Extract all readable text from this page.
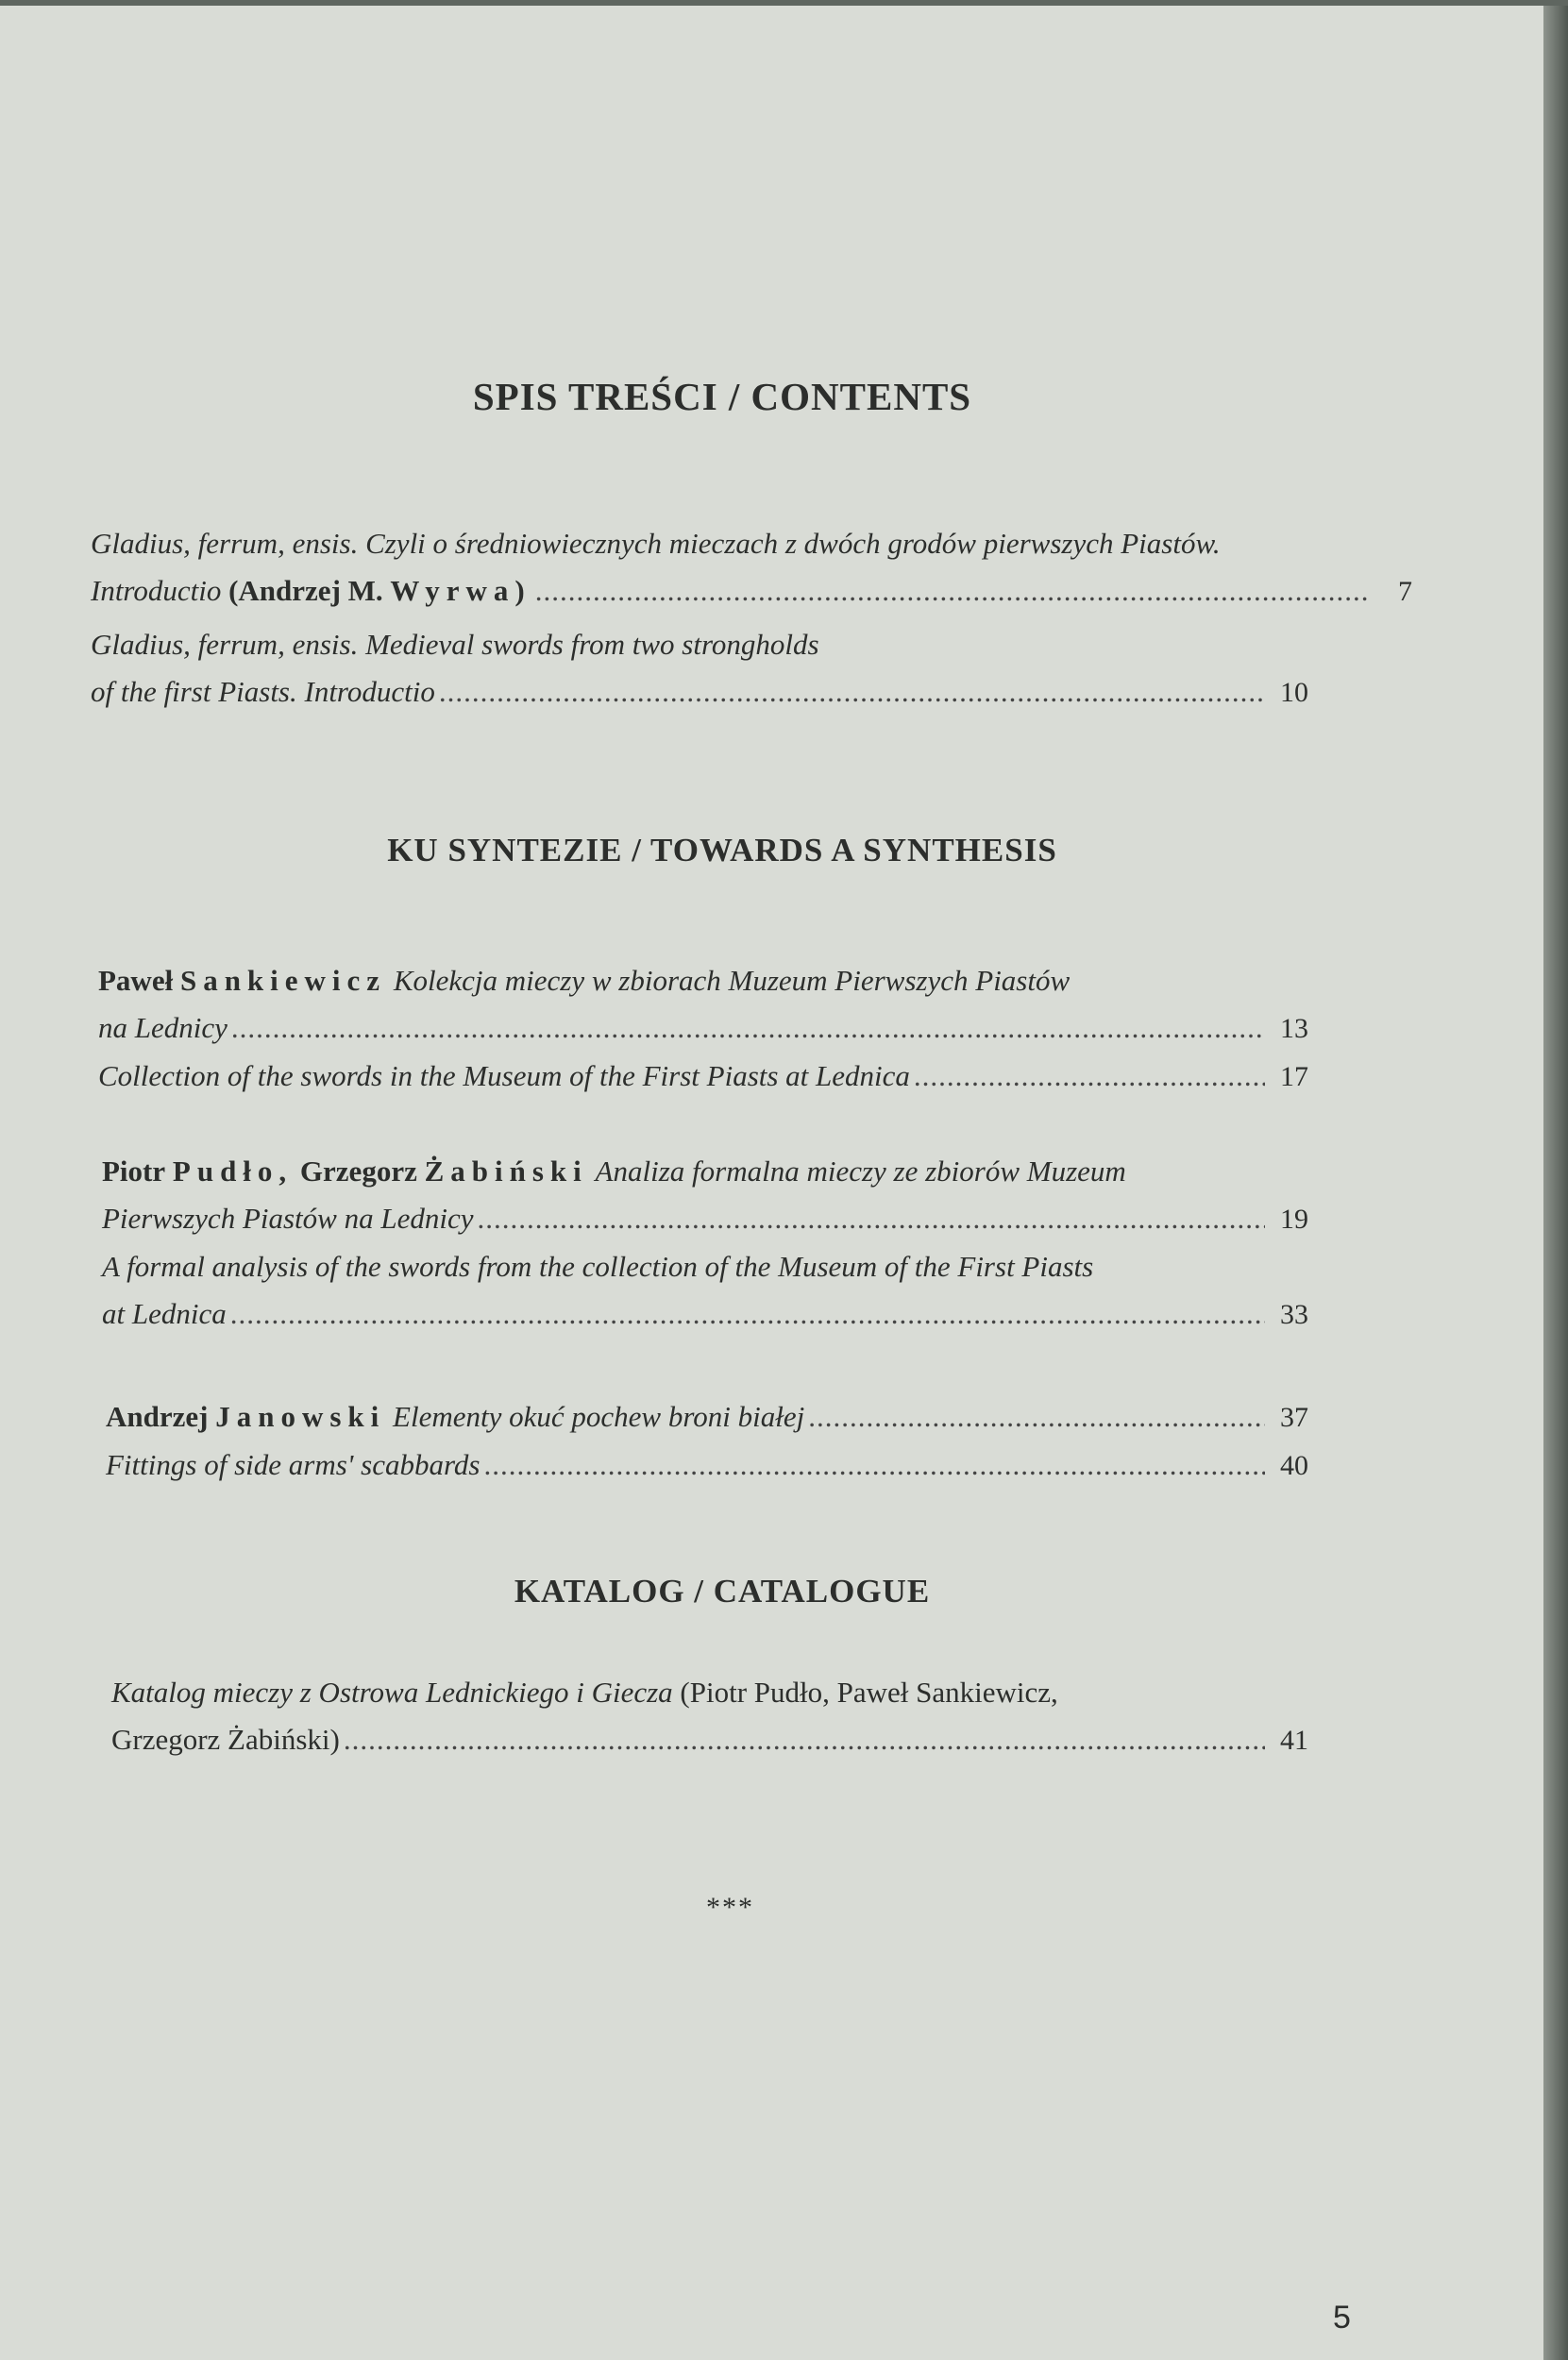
SPIS TREŚCI / CONTENTS
Gladius, ferrum, ensis. Czyli o średniowiecznych mieczach z dwóch grodów pierwszych Piastów.
Introductio
(Andrzej M.
Wyrwa) .....	7
Gladius, ferrum, ensis. Medieval swords from two strongholds
of the first Piasts. Introductio .....	10
KU SYNTEZIE / TOWARDS A SYNTHESIS
Paweł Sankiewicz Kolekcja mieczy w zbiorach Muzeum Pierwszych Piastów
na Lednicy .....	13
Collection of the swords in the Museum of the First Piasts at Lednica .....	17
Piotr Pudło, Grzegorz Żabiński Analiza formalna mieczy ze zbiorów Muzeum
Pierwszych Piastów na Lednicy .....	19
A formal analysis of the swords from the collection of the Museum of the First Piasts
at Lednica .....	33
Andrzej
Janowski
Elementy okuć pochew broni białej .....	37
Fittings of side arms' scabbards .....	40
KATALOG / CATALOGUE
Katalog mieczy z Ostrowa Lednickiego i Giecza (Piotr Pudło, Paweł Sankiewicz,
Grzegorz Żabiński) .....	41
***
5
